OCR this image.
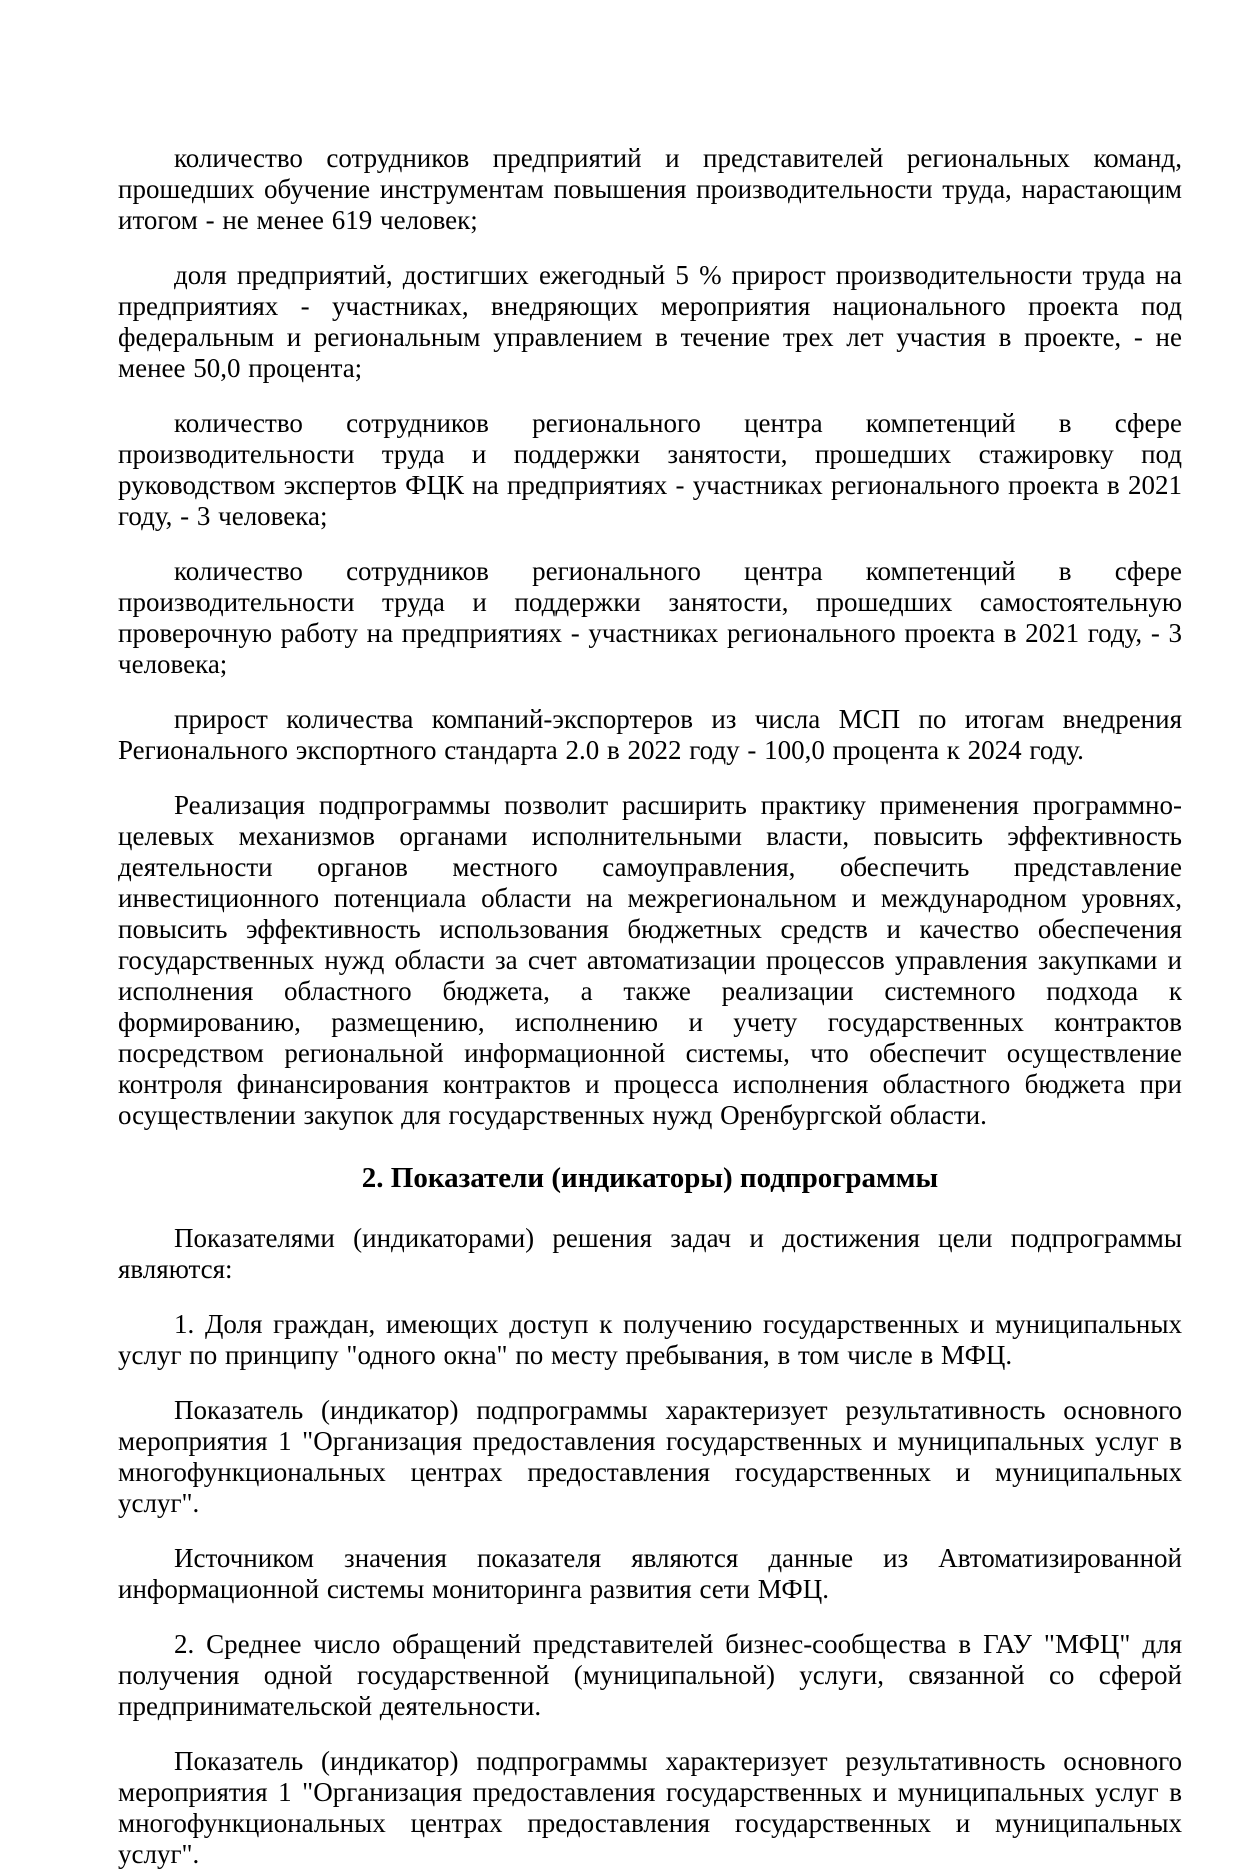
количество сотрудников предприятий и представителей региональных команд, прошедших обучение инструментам повышения производительности труда, нарастающим итогом - не менее 619 человек;

доля предприятий, достигших ежегодный 5 % прирост производительности труда на предприятиях - участниках, внедряющих мероприятия национального проекта под федеральным и региональным управлением в течение трех лет участия в проекте, - не менее 50,0 процента;

количество сотрудников регионального центра компетенций в сфере производительности труда и поддержки занятости, прошедших стажировку под руководством экспертов ФЦК на предприятиях - участниках регионального проекта в 2021 году, - 3 человека;

количество сотрудников регионального центра компетенций в сфере производительности труда и поддержки занятости, прошедших самостоятельную проверочную работу на предприятиях - участниках регионального проекта в 2021 году, - 3 человека;

прирост количества компаний-экспортеров из числа МСП по итогам внедрения Регионального экспортного стандарта 2.0 в 2022 году - 100,0 процента к 2024 году.

Реализация подпрограммы позволит расширить практику применения программно-целевых механизмов органами исполнительными власти, повысить эффективность деятельности органов местного самоуправления, обеспечить представление инвестиционного потенциала области на межрегиональном и международном уровнях, повысить эффективность использования бюджетных средств и качество обеспечения государственных нужд области за счет автоматизации процессов управления закупками и исполнения областного бюджета, а также реализации системного подхода к формированию, размещению, исполнению и учету государственных контрактов посредством региональной информационной системы, что обеспечит осуществление контроля финансирования контрактов и процесса исполнения областного бюджета при осуществлении закупок для государственных нужд Оренбургской области.

2. Показатели (индикаторы) подпрограммы

Показателями (индикаторами) решения задач и достижения цели подпрограммы являются:

1. Доля граждан, имеющих доступ к получению государственных и муниципальных услуг по принципу "одного окна" по месту пребывания, в том числе в МФЦ.

Показатель (индикатор) подпрограммы характеризует результативность основного мероприятия 1 "Организация предоставления государственных и муниципальных услуг в многофункциональных центрах предоставления государственных и муниципальных услуг".

Источником значения показателя являются данные из Автоматизированной информационной системы мониторинга развития сети МФЦ.

2. Среднее число обращений представителей бизнес-сообщества в ГАУ "МФЦ" для получения одной государственной (муниципальной) услуги, связанной со сферой предпринимательской деятельности.

Показатель (индикатор) подпрограммы характеризует результативность основного мероприятия 1 "Организация предоставления государственных и муниципальных услуг в многофункциональных центрах предоставления государственных и муниципальных услуг".
